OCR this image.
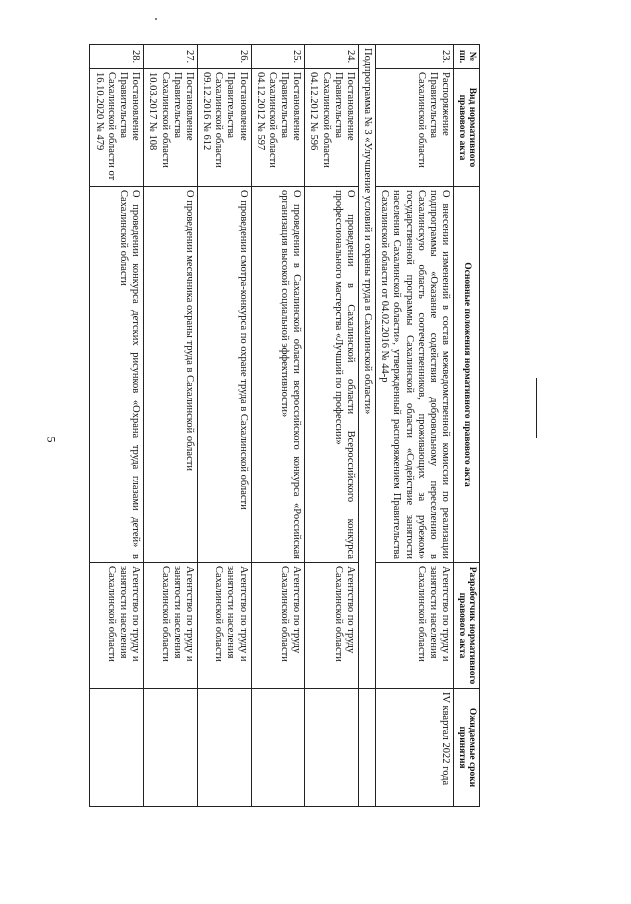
5
№ пп.	Вид нормативного правового акта	Основные положения нормативного правового акта	Разработчик нормативного правового акта	Ожидаемые сроки принятия
23.	Распоряжение Правительства Сахалинской области	О внесении изменений в состав межведомственной комиссии по реализации подпрограммы «Оказание содействия добровольному переселению в Сахалинскую область соотечественников, проживающих за рубежом» государственной программы Сахалинской области «Содействие занятости населения Сахалинской области», утвержденный распоряжением Правительства Сахалинской области от 04.02.2016 № 44-р	Агентство по труду и занятости населения Сахалинской области	IV квартал 2022 года
Подпрограмма № 3 «Улучшение условий и охраны труда в Сахалинской области»				
24.	Постановление Правительства Сахалинской области 04.12.2012 № 596	О проведении в Сахалинской области Всероссийского конкурса профессионального мастерства «Лучший по профессии»	Агентство по труду Сахалинской области	
25.	Постановление Правительства Сахалинской области 04.12.2012 № 597	О проведении в Сахалинской области всероссийского конкурса «Российская организация высокой социальной эффективности»	Агентство по труду Сахалинской области	
26.	Постановление Правительства Сахалинской области 09.12.2016 № 612	О проведении смотра-конкурса по охране труда в Сахалинской области	Агентство по труду и занятости населения Сахалинской области	
27.	Постановление Правительства Сахалинской области 10.03.2017 № 108	О проведении месячника охраны труда в Сахалинской области	Агентство по труду и занятости населения Сахалинской области	
28.	Постановление Правительства Сахалинской области от 16.10.2020 № 479	О проведении конкурса детских рисунков «Охрана труда глазами детей» в Сахалинской области	Агентство по труду и занятости населения Сахалинской области	
